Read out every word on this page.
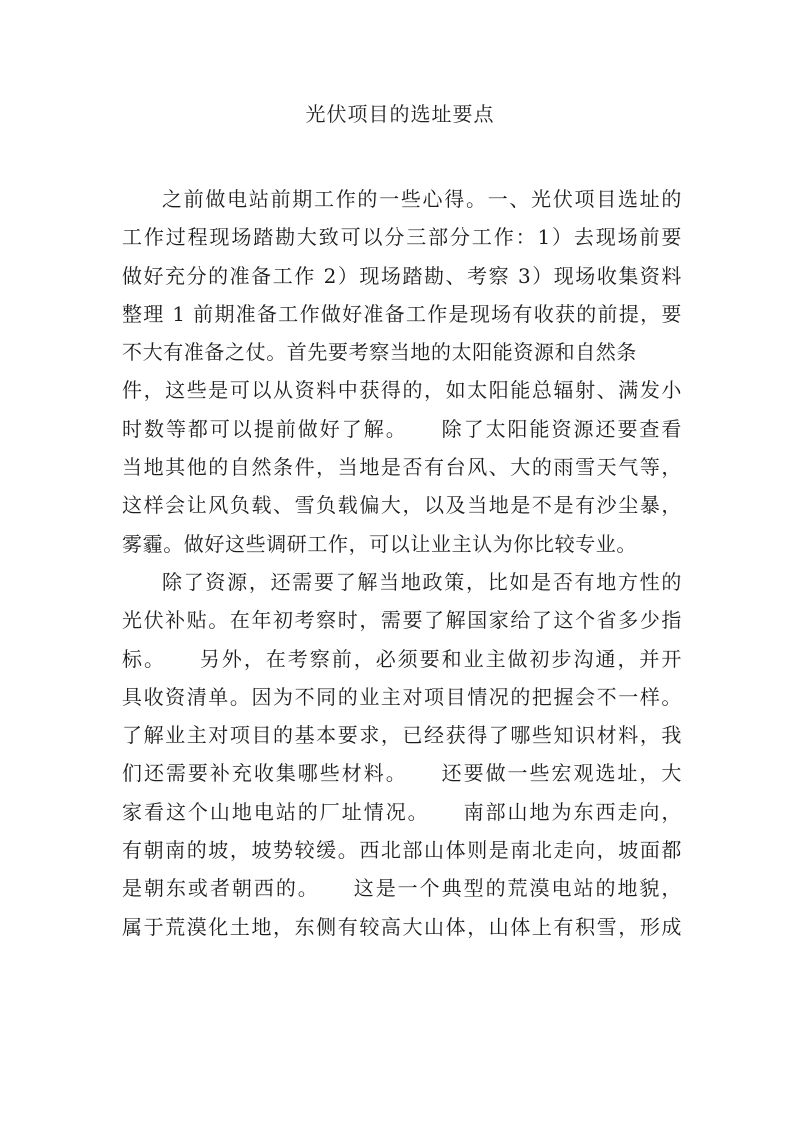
光伏项目的选址要点
之前做电站前期工作的一些心得。一、光伏项目选址的
工作过程现场踏勘大致可以分三部分工作：1）去现场前要
做好充分的准备工作 2）现场踏勘、考察 3）现场收集资料
整理 1 前期准备工作做好准备工作是现场有收获的前提，要
不大有准备之仗。首先要考察当地的太阳能资源和自然条
件，这些是可以从资料中获得的，如太阳能总辐射、满发小
时数等都可以提前做好了解。　　除了太阳能资源还要查看
当地其他的自然条件，当地是否有台风、大的雨雪天气等，
这样会让风负载、雪负载偏大，以及当地是不是有沙尘暴，
雾霾。做好这些调研工作，可以让业主认为你比较专业。
除了资源，还需要了解当地政策，比如是否有地方性的
光伏补贴。在年初考察时，需要了解国家给了这个省多少指
标。　　另外，在考察前，必须要和业主做初步沟通，并开
具收资清单。因为不同的业主对项目情况的把握会不一样。
了解业主对项目的基本要求，已经获得了哪些知识材料，我
们还需要补充收集哪些材料。　　还要做一些宏观选址，大
家看这个山地电站的厂址情况。　　南部山地为东西走向，
有朝南的坡，坡势较缓。西北部山体则是南北走向，坡面都
是朝东或者朝西的。　　这是一个典型的荒漠电站的地貌，
属于荒漠化土地，东侧有较高大山体，山体上有积雪，形成
